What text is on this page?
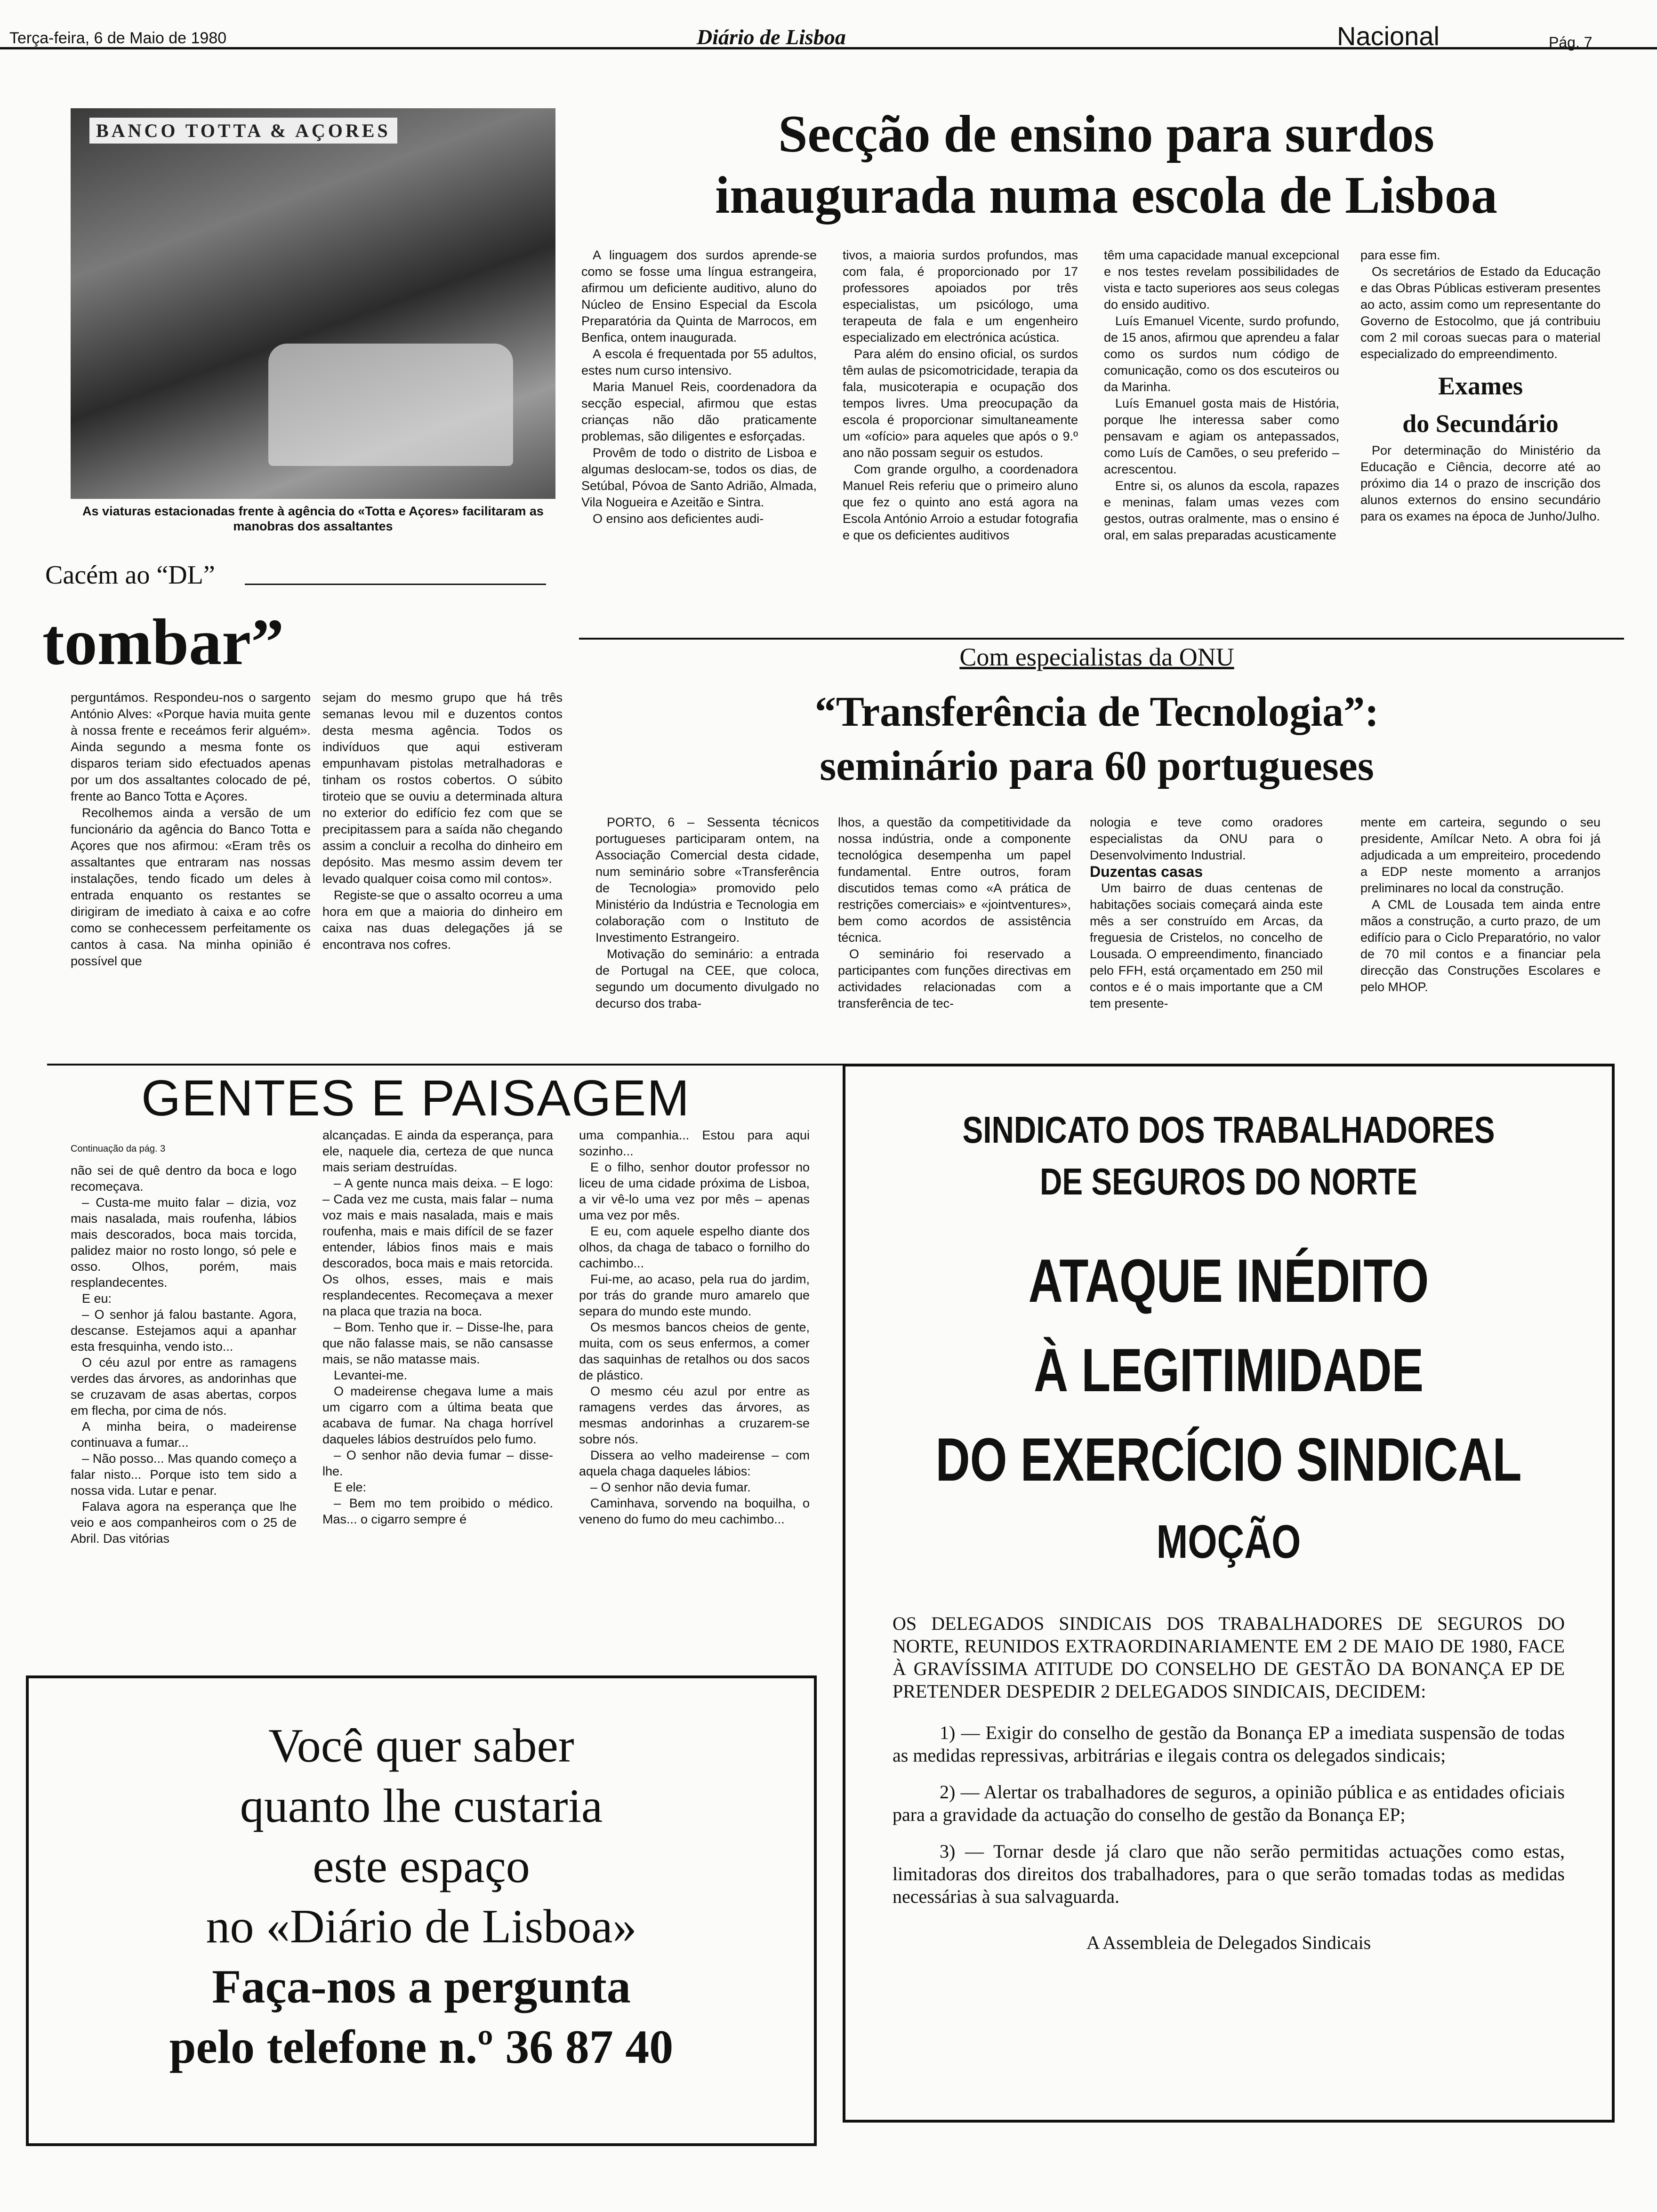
Terça-feira, 6 de Maio de 1980	Diário de Lisboa	Nacional	Pág. 7
BANCO TOTTA & AÇORES
As viaturas estacionadas frente à agência do «Totta e Açores» facilitaram as manobras dos assaltantes
Cacém ao “DL”
tombar”

perguntámos. Respondeu-nos o sargento António Alves: «Porque havia muita gente à nossa frente e receámos ferir alguém». Ainda segundo a mesma fonte os disparos teriam sido efectuados apenas por um dos assaltantes colocado de pé, frente ao Banco Totta e Açores.

Recolhemos ainda a versão de um funcionário da agência do Banco Totta e Açores que nos afirmou: «Eram três os assaltantes que entraram nas nossas instalações, tendo ficado um deles à entrada enquanto os restantes se dirigiram de imediato à caixa e ao cofre como se conhecessem perfeitamente os cantos à casa. Na minha opinião é possível que

sejam do mesmo grupo que há três semanas levou mil e duzentos contos desta mesma agência. Todos os indivíduos que aqui estiveram empunhavam pistolas metralhadoras e tinham os rostos cobertos. O súbito tiroteio que se ouviu a determinada altura no exterior do edifício fez com que se precipitassem para a saída não chegando assim a concluir a recolha do dinheiro em depósito. Mas mesmo assim devem ter levado qualquer coisa como mil contos».

Registe-se que o assalto ocorreu a uma hora em que a maioria do dinheiro em caixa nas duas delegações já se encontrava nos cofres.

Secção de ensino para surdos
inaugurada numa escola de Lisboa

A linguagem dos surdos aprende-se como se fosse uma língua estrangeira, afirmou um deficiente auditivo, aluno do Núcleo de Ensino Especial da Escola Preparatória da Quinta de Marrocos, em Benfica, ontem inaugurada.

A escola é frequentada por 55 adultos, estes num curso intensivo.

Maria Manuel Reis, coordenadora da secção especial, afirmou que estas crianças não dão praticamente problemas, são diligentes e esforçadas.

Provêm de todo o distrito de Lisboa e algumas deslocam-se, todos os dias, de Setúbal, Póvoa de Santo Adrião, Almada, Vila Nogueira e Azeitão e Sintra.

O ensino aos deficientes audi-

tivos, a maioria surdos profundos, mas com fala, é proporcionado por 17 professores apoiados por três especialistas, um psicólogo, uma terapeuta de fala e um engenheiro especializado em electrónica acústica.

Para além do ensino oficial, os surdos têm aulas de psicomotricidade, terapia da fala, musicoterapia e ocupação dos tempos livres. Uma preocupação da escola é proporcionar simultaneamente um «ofício» para aqueles que após o 9.º ano não possam seguir os estudos.

Com grande orgulho, a coordenadora Manuel Reis referiu que o primeiro aluno que fez o quinto ano está agora na Escola António Arroio a estudar fotografia e que os deficientes auditivos

têm uma capacidade manual excepcional e nos testes revelam possibilidades de vista e tacto superiores aos seus colegas do ensido auditivo.

Luís Emanuel Vicente, surdo profundo, de 15 anos, afirmou que aprendeu a falar como os surdos num código de comunicação, como os dos escuteiros ou da Marinha.

Luís Emanuel gosta mais de História, porque lhe interessa saber como pensavam e agiam os antepassados, como Luís de Camões, o seu preferido – acrescentou.

Entre si, os alunos da escola, rapazes e meninas, falam umas vezes com gestos, outras oralmente, mas o ensino é oral, em salas preparadas acusticamente

para esse fim.

Os secretários de Estado da Educação e das Obras Públicas estiveram presentes ao acto, assim como um representante do Governo de Estocolmo, que já contribuiu com 2 mil coroas suecas para o material especializado do empreendimento.

Exames
do Secundário

Por determinação do Ministério da Educação e Ciência, decorre até ao próximo dia 14 o prazo de inscrição dos alunos externos do ensino secundário para os exames na época de Junho/Julho.

Com especialistas da ONU
“Transferência de Tecnologia”:
seminário para 60 portugueses

PORTO, 6 – Sessenta técnicos portugueses participaram ontem, na Associação Comercial desta cidade, num seminário sobre «Transferência de Tecnologia» promovido pelo Ministério da Indústria e Tecnologia em colaboração com o Instituto de Investimento Estrangeiro.

Motivação do seminário: a entrada de Portugal na CEE, que coloca, segundo um documento divulgado no decurso dos traba-

lhos, a questão da competitividade da nossa indústria, onde a componente tecnológica desempenha um papel fundamental. Entre outros, foram discutidos temas como «A prática de restrições comerciais» e «jointventures», bem como acordos de assistência técnica.

O seminário foi reservado a participantes com funções directivas em actividades relacionadas com a transferência de tec-

nologia e teve como oradores especialistas da ONU para o Desenvolvimento Industrial.

Duzentas casas

Um bairro de duas centenas de habitações sociais começará ainda este mês a ser construído em Arcas, da freguesia de Cristelos, no concelho de Lousada. O empreendimento, financiado pelo FFH, está orçamentado em 250 mil contos e é o mais importante que a CM tem presente-

mente em carteira, segundo o seu presidente, Amílcar Neto. A obra foi já adjudicada a um empreiteiro, procedendo a EDP neste momento a arranjos preliminares no local da construção.

A CML de Lousada tem ainda entre mãos a construção, a curto prazo, de um edifício para o Ciclo Preparatório, no valor de 70 mil contos e a financiar pela direcção das Construções Escolares e pelo MHOP.

GENTES E PAISAGEM
Continuação da pág. 3

não sei de quê dentro da boca e logo recomeçava.

– Custa-me muito falar – dizia, voz mais nasalada, mais roufenha, lábios mais descorados, boca mais torcida, palidez maior no rosto longo, só pele e osso. Olhos, porém, mais resplandecentes.

E eu:

– O senhor já falou bastante. Agora, descanse. Estejamos aqui a apanhar esta fresquinha, vendo isto...

O céu azul por entre as ramagens verdes das árvores, as andorinhas que se cruzavam de asas abertas, corpos em flecha, por cima de nós.

A minha beira, o madeirense continuava a fumar...

– Não posso... Mas quando começo a falar nisto... Porque isto tem sido a nossa vida. Lutar e penar.

Falava agora na esperança que lhe veio e aos companheiros com o 25 de Abril. Das vitórias

alcançadas. E ainda da esperança, para ele, naquele dia, certeza de que nunca mais seriam destruídas.

– A gente nunca mais deixa. – E logo: – Cada vez me custa, mais falar – numa voz mais e mais nasalada, mais e mais roufenha, mais e mais difícil de se fazer entender, lábios finos mais e mais descorados, boca mais e mais retorcida. Os olhos, esses, mais e mais resplandecentes. Recomeçava a mexer na placa que trazia na boca.

– Bom. Tenho que ir. – Disse-lhe, para que não falasse mais, se não cansasse mais, se não matasse mais.

Levantei-me.

O madeirense chegava lume a mais um cigarro com a última beata que acabava de fumar. Na chaga horrível daqueles lábios destruídos pelo fumo.

– O senhor não devia fumar – disse-lhe.

E ele:

– Bem mo tem proibido o médico. Mas... o cigarro sempre é

uma companhia... Estou para aqui sozinho...

E o filho, senhor doutor professor no liceu de uma cidade próxima de Lisboa, a vir vê-lo uma vez por mês – apenas uma vez por mês.

E eu, com aquele espelho diante dos olhos, da chaga de tabaco o fornilho do cachimbo...

Fui-me, ao acaso, pela rua do jardim, por trás do grande muro amarelo que separa do mundo este mundo.

Os mesmos bancos cheios de gente, muita, com os seus enfermos, a comer das saquinhas de retalhos ou dos sacos de plástico.

O mesmo céu azul por entre as ramagens verdes das árvores, as mesmas andorinhas a cruzarem-se sobre nós.

Dissera ao velho madeirense – com aquela chaga daqueles lábios:

– O senhor não devia fumar.

Caminhava, sorvendo na boquilha, o veneno do fumo do meu cachimbo...

Você quer saber
quanto lhe custaria
este espaço
no «Diário de Lisboa»
Faça-nos a pergunta
pelo telefone n.º 36 87 40
SINDICATO DOS TRABALHADORES
DE SEGUROS DO NORTE
ATAQUE INÉDITO
À LEGITIMIDADE
DO EXERCÍCIO SINDICAL
MOÇÃO
OS DELEGADOS SINDICAIS DOS TRABALHADORES DE SEGUROS DO NORTE, REUNIDOS EXTRAORDINARIAMENTE EM 2 DE MAIO DE 1980, FACE À GRAVÍSSIMA ATITUDE DO CONSELHO DE GESTÃO DA BONANÇA EP DE PRETENDER DESPEDIR 2 DELEGADOS SINDICAIS, DECIDEM:
1) — Exigir do conselho de gestão da Bonança EP a imediata suspensão de todas as medidas repressivas, arbitrárias e ilegais contra os delegados sindicais;
2) — Alertar os trabalhadores de seguros, a opinião pública e as entidades oficiais para a gravidade da actuação do conselho de gestão da Bonança EP;
3) — Tornar desde já claro que não serão permitidas actuações como estas, limitadoras dos direitos dos trabalhadores, para o que serão tomadas todas as medidas necessárias à sua salvaguarda.
A Assembleia de Delegados Sindicais
